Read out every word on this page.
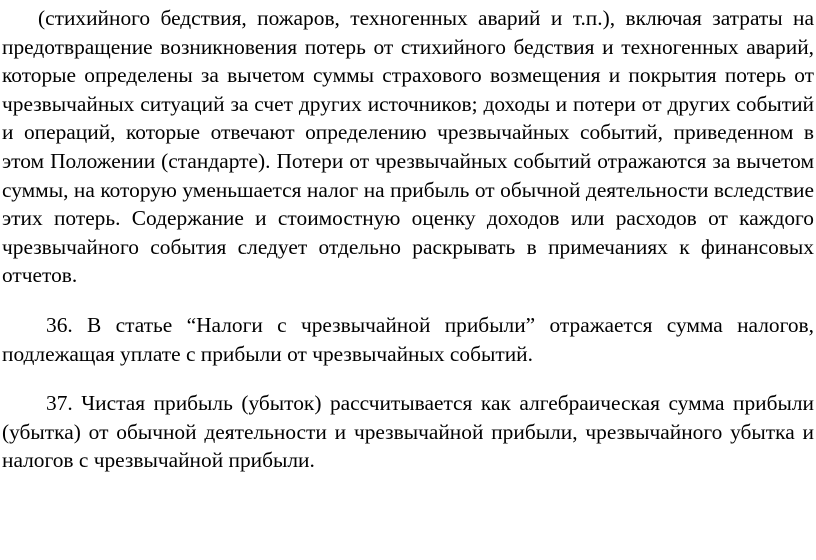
(стихийного бедствия, пожаров, техногенных аварий и т.п.), включая затраты на предотвращение возникновения потерь от стихийного бедствия и техногенных аварий, которые определены за вычетом суммы страхового возмещения и покрытия потерь от чрезвычайных ситуаций за счет других источников; доходы и потери от других событий и операций, которые отвечают определению чрезвычайных событий, приведенном в этом Положении (стандарте). Потери от чрезвычайных событий отражаются за вычетом суммы, на которую уменьшается налог на прибыль от обычной деятельности вследствие этих потерь. Содержание и стоимостную оценку доходов или расходов от каждого чрезвычайного события следует отдельно раскрывать в примечаниях к финансовых отчетов.

36. В статье “Налоги с чрезвычайной прибыли” отражается сумма налогов, подлежащая уплате с прибыли от чрезвычайных событий.

37. Чистая прибыль (убыток) рассчитывается как алгебраическая сумма прибыли (убытка) от обычной деятельности и чрезвычайной прибыли, чрезвычайного убытка и налогов с чрезвычайной прибыли.
